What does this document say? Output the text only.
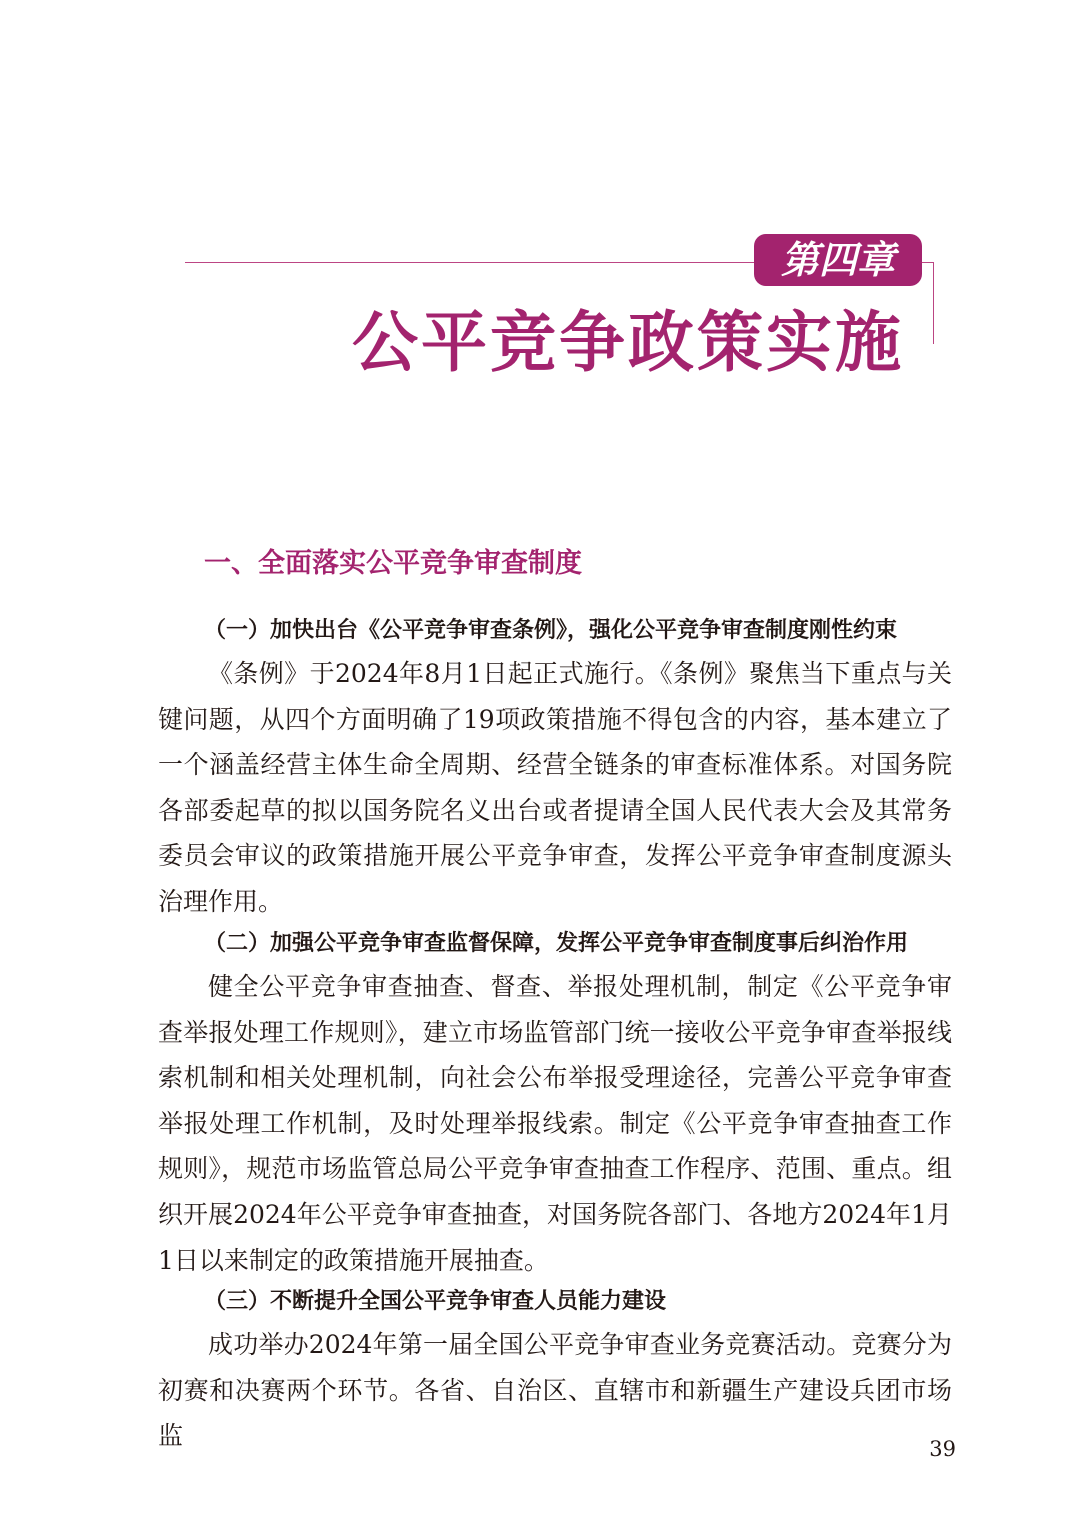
第四章
公平竞争政策实施
一、全面落实公平竞争审查制度
（一）加快出台《公平竞争审查条例》，强化公平竞争审查制度刚性约束

《条例》于2024年8月1日起正式施行。《条例》聚焦当下重点与关键问题，从四个方面明确了19项政策措施不得包含的内容，基本建立了一个涵盖经营主体生命全周期、经营全链条的审查标准体系。对国务院各部委起草的拟以国务院名义出台或者提请全国人民代表大会及其常务委员会审议的政策措施开展公平竞争审查，发挥公平竞争审查制度源头治理作用。

（二）加强公平竞争审查监督保障，发挥公平竞争审查制度事后纠治作用

健全公平竞争审查抽查、督查、举报处理机制，制定《公平竞争审查举报处理工作规则》，建立市场监管部门统一接收公平竞争审查举报线索机制和相关处理机制，向社会公布举报受理途径，完善公平竞争审查举报处理工作机制，及时处理举报线索。制定《公平竞争审查抽查工作规则》，规范市场监管总局公平竞争审查抽查工作程序、范围、重点。组织开展2024年公平竞争审查抽查，对国务院各部门、各地方2024年1月1日以来制定的政策措施开展抽查。

（三）不断提升全国公平竞争审查人员能力建设

成功举办2024年第一届全国公平竞争审查业务竞赛活动。竞赛分为初赛和决赛两个环节。各省、自治区、直辖市和新疆生产建设兵团市场监	39
